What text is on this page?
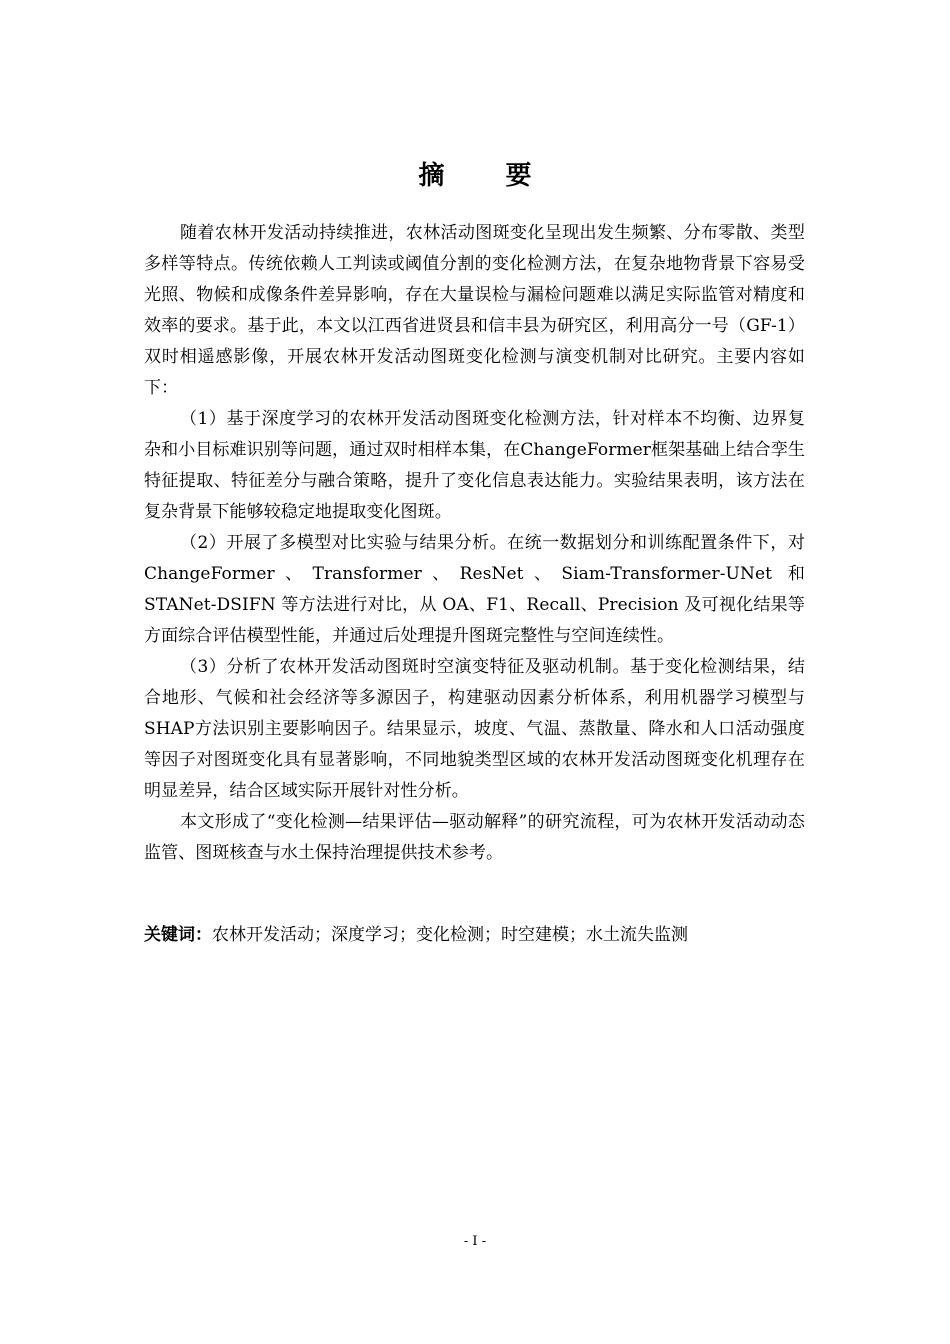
摘 要

随着农林开发活动持续推进，农林活动图斑变化呈现出发生频繁、分布零散、类型多样等特点。传统依赖人工判读或阈值分割的变化检测方法，在复杂地物背景下容易受光照、物候和成像条件差异影响，存在大量误检与漏检问题难以满足实际监管对精度和效率的要求。基于此，本文以江西省进贤县和信丰县为研究区，利用高分一号（GF-1）双时相遥感影像，开展农林开发活动图斑变化检测与演变机制对比研究。主要内容如下：

（1）基于深度学习的农林开发活动图斑变化检测方法，针对样本不均衡、边界复杂和小目标难识别等问题，通过双时相样本集，在ChangeFormer框架基础上结合孪生特征提取、特征差分与融合策略，提升了变化信息表达能力。实验结果表明，该方法在复杂背景下能够较稳定地提取变化图斑。

（2）开展了多模型对比实验与结果分析。在统一数据划分和训练配置条件下，对 ChangeFormer、Transformer、ResNet、Siam-Transformer-UNet 和 STANet-DSIFN 等方法进行对比，从 OA、F1、Recall、Precision 及可视化结果等方面综合评估模型性能，并通过后处理提升图斑完整性与空间连续性。

（3）分析了农林开发活动图斑时空演变特征及驱动机制。基于变化检测结果，结合地形、气候和社会经济等多源因子，构建驱动因素分析体系，利用机器学习模型与SHAP方法识别主要影响因子。结果显示，坡度、气温、蒸散量、降水和人口活动强度等因子对图斑变化具有显著影响，不同地貌类型区域的农林开发活动图斑变化机理存在明显差异，结合区域实际开展针对性分析。

本文形成了“变化检测—结果评估—驱动解释”的研究流程，可为农林开发活动动态监管、图斑核查与水土保持治理提供技术参考。

关键词：农林开发活动；深度学习；变化检测；时空建模；水土流失监测
- I -
